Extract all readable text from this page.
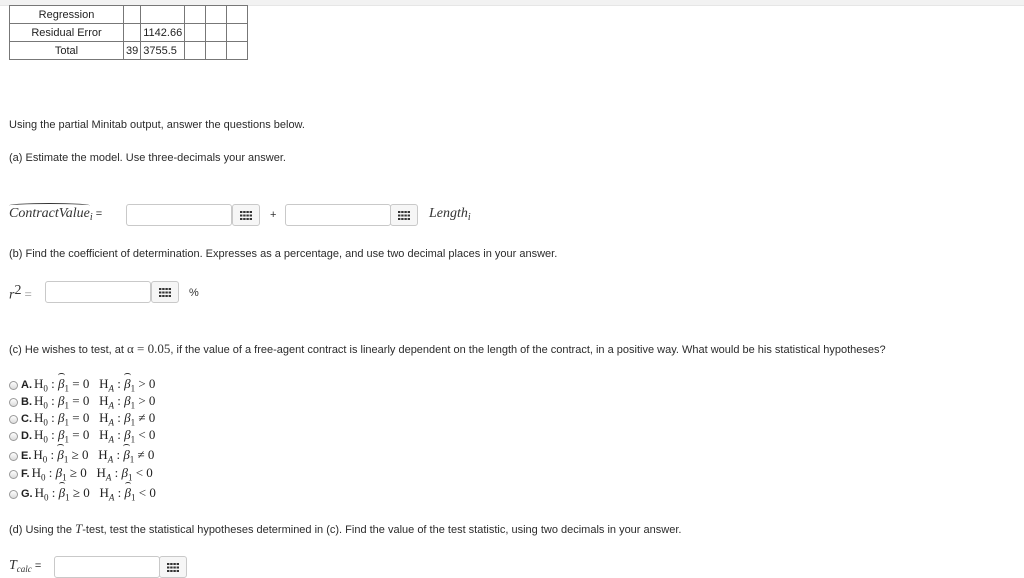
Regression					
Residual Error		1142.66			
Total	39	3755.5			
Using the partial Minitab output, answer the questions below.
(a) Estimate the model. Use three-decimals your answer.
ContractValue$_i$ =	+	Length$_i$
(b) Find the coefficient of determination. Expresses as a percentage, and use two decimal places in your answer.
$r^2$ =	%
(c) He wishes to test, at α = 0.05, if the value of a free-agent contract is linearly dependent on the length of the contract, in a positive way. What would be his statistical hypotheses?
A. $H_0$ : $\beta_1 = 0$   $H_A$ : $\beta_1 > 0$
B. $H_0$ : $\beta_1 = 0$   $H_A$ : $\beta_1 > 0$
C. $H_0$ : $\beta_1 = 0$   $H_A$ : $\beta_1 \ne 0$
D. $H_0$ : $\beta_1 = 0$   $H_A$ : $\beta_1 < 0$
E. $H_0$ : $\beta_1 \ge 0$   $H_A$ : $\beta_1 \ne 0$
F. $H_0$ : $\beta_1 \ge 0$   $H_A$ : $\beta_1 < 0$
G. $H_0$ : $\beta_1 \ge 0$   $H_A$ : $\beta_1 < 0$
(d) Using the T-test, test the statistical hypotheses determined in (c). Find the value of the test statistic, using two decimals in your answer.
$T_{calc}$ =
